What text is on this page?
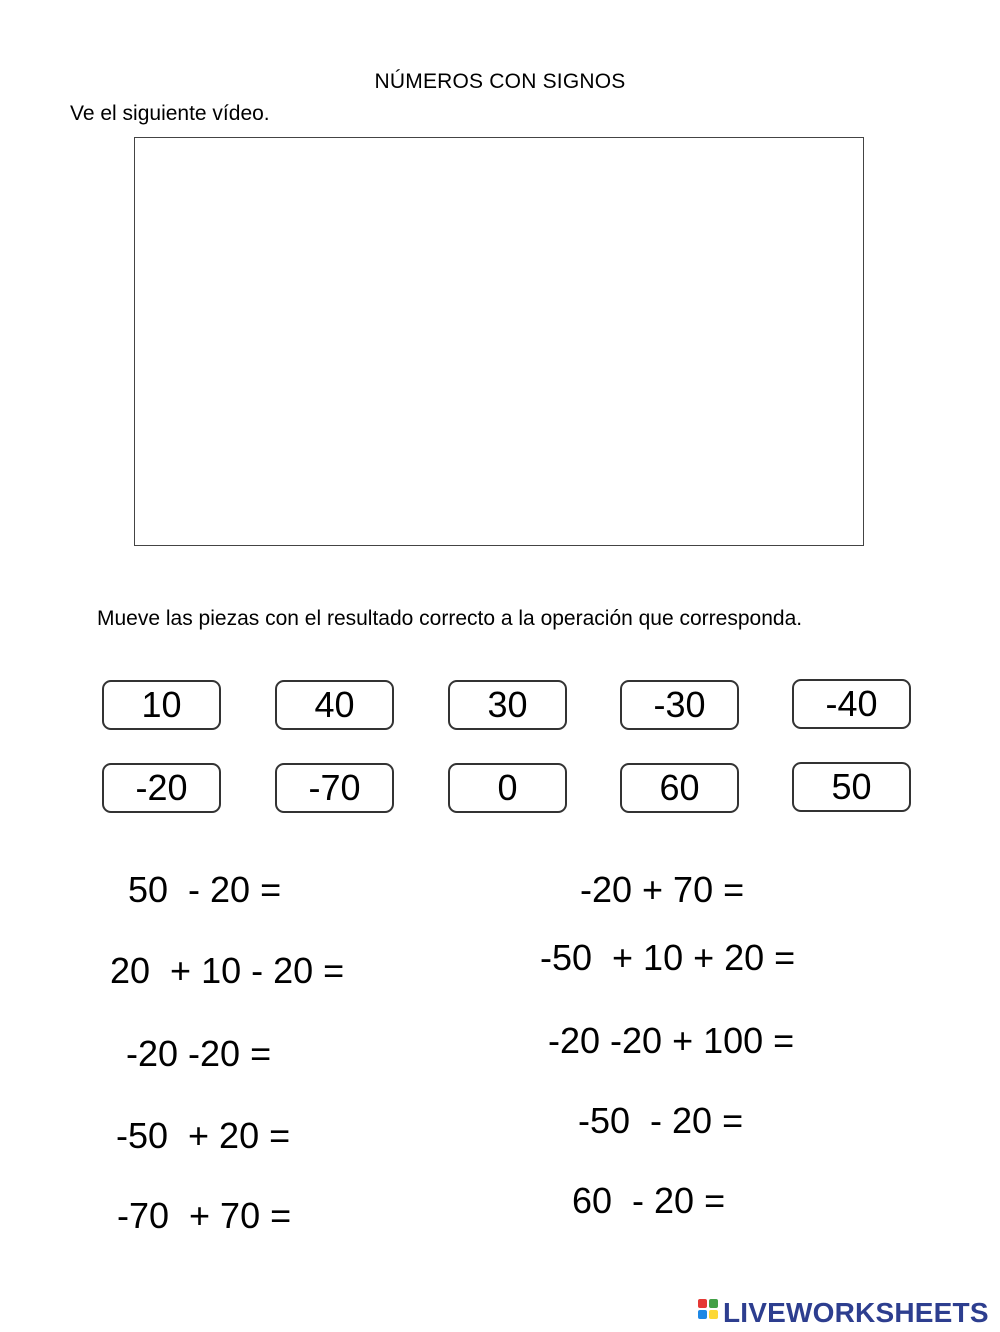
NÚMEROS CON SIGNOS
Ve el siguiente vídeo.
Mueve las piezas con el resultado correcto a la operación que corresponda.
10	40	30	-30	-40
-20	-70	0	60	50
50  - 20 =
20  + 10 - 20 =
-20 -20 =
-50  + 20 =
-70  + 70 =
-20 + 70 =
-50  + 10 + 20 =
-20 -20 + 100 =
-50  - 20 =
60  - 20 =
LIVEWORKSHEETS
